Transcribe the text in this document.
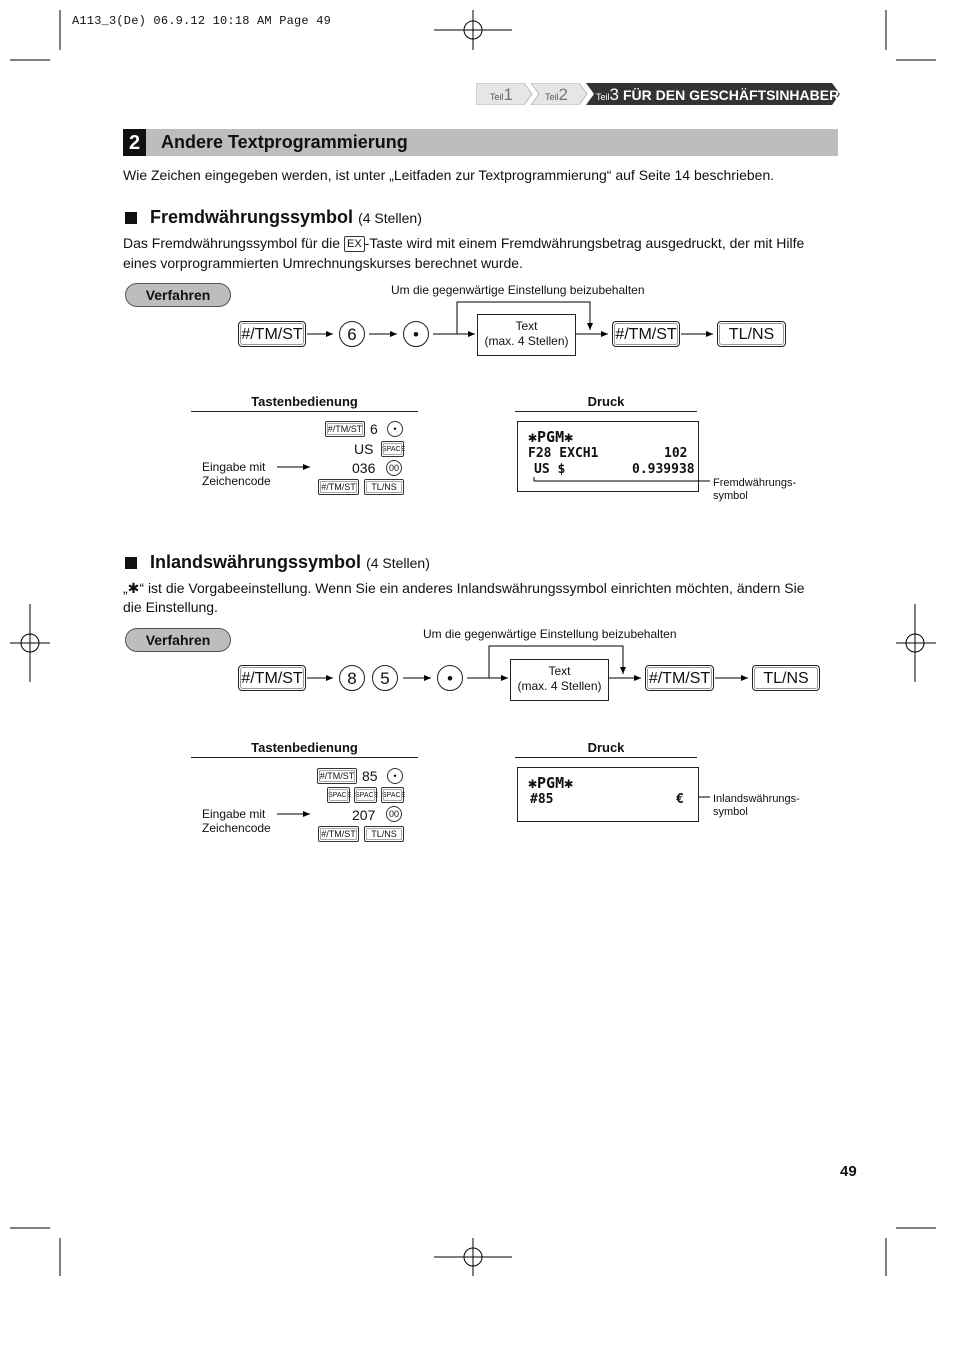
A113_3(De) 06.9.12 10:18 AM Page 49
Teil1	Teil2	Teil3 FÜR DEN GESCHÄFTSINHABER
2	Andere Textprogrammierung
Wie Zeichen eingegeben werden, ist unter „Leitfaden zur Textprogrammierung“ auf Seite 14 beschrieben.
Fremdwährungssymbol (4 Stellen)
Das Fremdwährungssymbol für die EX -Taste wird mit einem Fremdwährungsbetrag ausgedruckt, der mit Hilfe
eines vorprogrammierten Umrechnungskurses berechnet wurde.
Verfahren	Um die gegenwärtige Einstellung beizubehalten
#/TM/ST	6	•	Text
(max. 4 Stellen)	#/TM/ST	TL/NS
Tastenbedienung	Druck
#/TM/ST 6	•
US SPACE
036	00
#/TM/ST	TL/NS
Eingabe mit
Zeichencode
✱PGM✱
F28 EXCH1	102
US $	0.939938
Fremdwährungs-
symbol
Inlandswährungssymbol (4 Stellen)
„✱“ ist die Vorgabeeinstellung. Wenn Sie ein anderes Inlandswährungssymbol einrichten möchten, ändern Sie
die Einstellung.
Verfahren	Um die gegenwärtige Einstellung beizubehalten
#/TM/ST	8	5	•	Text
(max. 4 Stellen)	#/TM/ST	TL/NS
Tastenbedienung	Druck
#/TM/ST 85	•
SPACE SPACE SPACE
207	00
#/TM/ST	TL/NS
Eingabe mit
Zeichencode
✱PGM✱
#85	€	Inlandswährungs-
symbol
49
